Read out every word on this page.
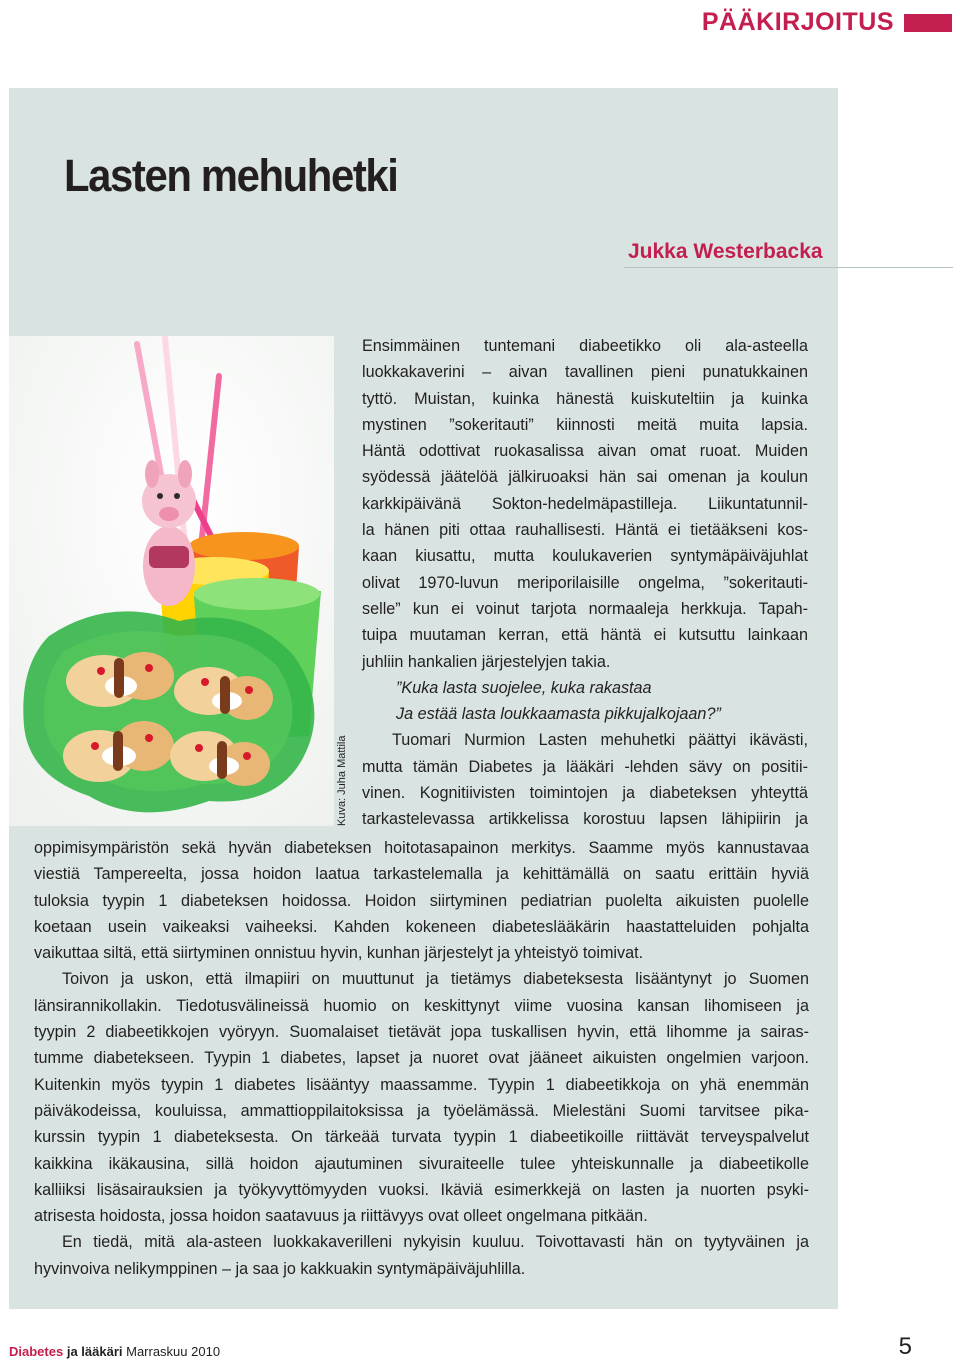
PÄÄKIRJOITUS
Lasten mehuhetki
Jukka Westerbacka
Kuva: Juha Mattila
Ensimmäinen tuntemani diabeetikko oli ala-asteella
luokkakaverini – aivan tavallinen pieni punatukkainen
tyttö. Muistan, kuinka hänestä kuiskuteltiin ja kuinka
mystinen ”sokeritauti” kiinnosti meitä muita lapsia.
Häntä odottivat ruokasalissa aivan omat ruoat. Muiden
syödessä jäätelöä jälkiruoaksi hän sai omenan ja koulun
karkkipäivänä Sokton-hedelmäpastilleja. Liikuntatunnil-
la hänen piti ottaa rauhallisesti. Häntä ei tietääkseni kos-
kaan kiusattu, mutta koulukaverien syntymäpäiväjuhlat
olivat 1970-luvun meriporilaisille ongelma, ”sokeritauti-
selle” kun ei voinut tarjota normaaleja herkkuja. Tapah-
tuipa muutaman kerran, että häntä ei kutsuttu lainkaan
juhliin hankalien järjestelyjen takia.
”Kuka lasta suojelee, kuka rakastaa
Ja estää lasta loukkaamasta pikkujalkojaan?”
Tuomari Nurmion Lasten mehuhetki päättyi ikävästi,
mutta tämän Diabetes ja lääkäri -lehden sävy on positii-
vinen. Kognitiivisten toimintojen ja diabeteksen yhteyttä
tarkastelevassa artikkelissa korostuu lapsen lähipiirin ja
oppimisympäristön sekä hyvän diabeteksen hoitotasapainon merkitys. Saamme myös kannustavaa
viestiä Tampereelta, jossa hoidon laatua tarkastelemalla ja kehittämällä on saatu erittäin hyviä
tuloksia tyypin 1 diabeteksen hoidossa. Hoidon siirtyminen pediatrian puolelta aikuisten puolelle
koetaan usein vaikeaksi vaiheeksi. Kahden kokeneen diabeteslääkärin haastatteluiden pohjalta
vaikuttaa siltä, että siirtyminen onnistuu hyvin, kunhan järjestelyt ja yhteistyö toimivat.
Toivon ja uskon, että ilmapiiri on muuttunut ja tietämys diabeteksesta lisääntynyt jo Suomen
länsirannikollakin. Tiedotusvälineissä huomio on keskittynyt viime vuosina kansan lihomiseen ja
tyypin 2 diabeetikkojen vyöryyn. Suomalaiset tietävät jopa tuskallisen hyvin, että lihomme ja sairas-
tumme diabetekseen. Tyypin 1 diabetes, lapset ja nuoret ovat jääneet aikuisten ongelmien varjoon.
Kuitenkin myös tyypin 1 diabetes lisääntyy maassamme. Tyypin 1 diabeetikkoja on yhä enemmän
päiväkodeissa, kouluissa, ammattioppilaitoksissa ja työelämässä. Mielestäni Suomi tarvitsee pika-
kurssin tyypin 1 diabeteksesta. On tärkeää turvata tyypin 1 diabeetikoille riittävät terveyspalvelut
kaikkina ikäkausina, sillä hoidon ajautuminen sivuraiteelle tulee yhteiskunnalle ja diabeetikolle
kalliiksi lisäsairauksien ja työkyvyttömyyden vuoksi. Ikäviä esimerkkejä on lasten ja nuorten psyki-
atrisesta hoidosta, jossa hoidon saatavuus ja riittävyys ovat olleet ongelmana pitkään.
En tiedä, mitä ala-asteen luokkakaverilleni nykyisin kuuluu. Toivottavasti hän on tyytyväinen ja
hyvinvoiva nelikymppinen – ja saa jo kakkuakin syntymäpäiväjuhlilla.
Diabetes ja lääkäri Marraskuu 2010	5
